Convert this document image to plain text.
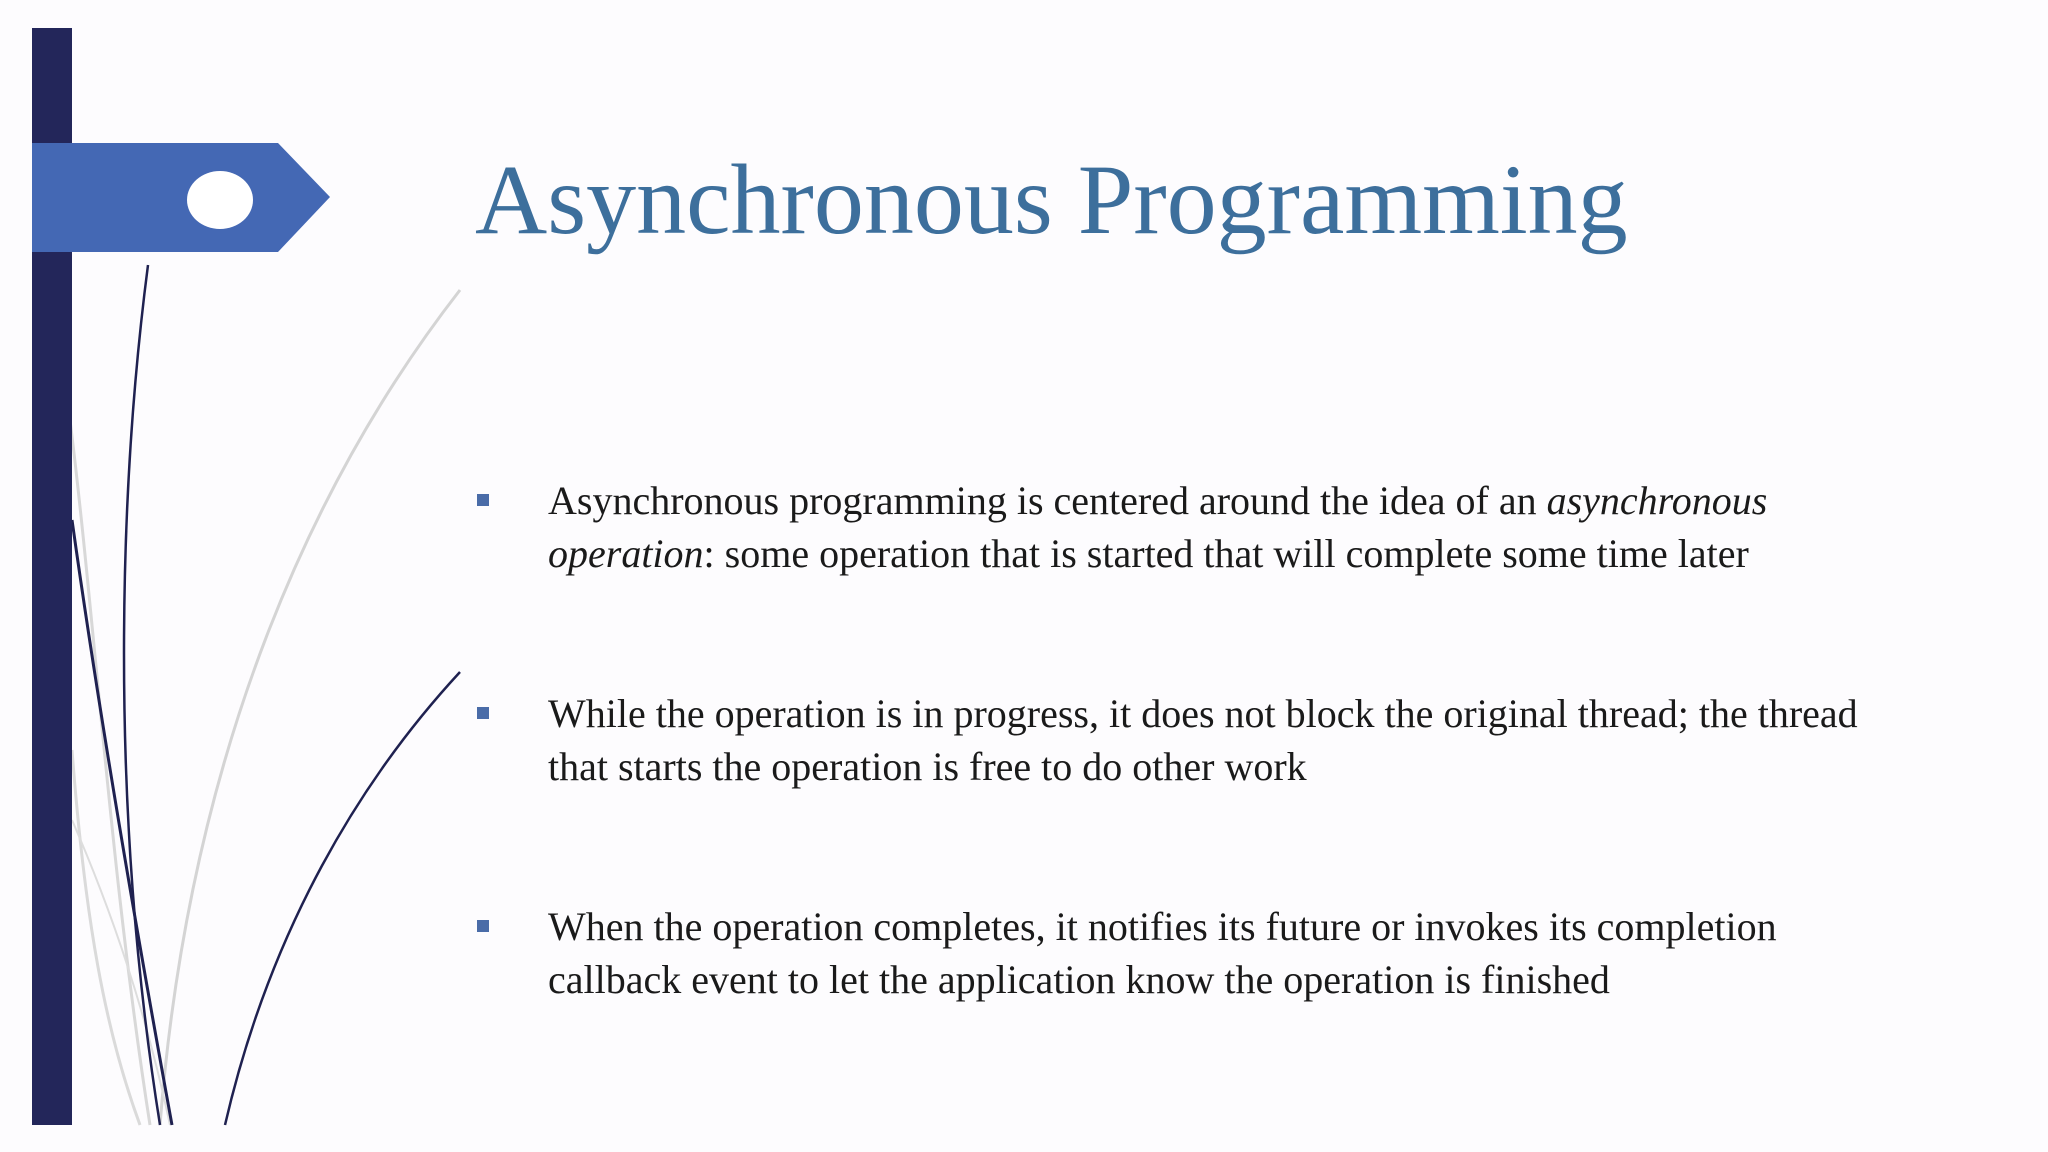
Asynchronous Programming
Asynchronous programming is centered around the idea of an asynchronous operation: some operation that is started that will complete some time later
While the operation is in progress, it does not block the original thread; the thread that starts the operation is free to do other work
When the operation completes, it notifies its future or invokes its completion callback event to let the application know the operation is finished
